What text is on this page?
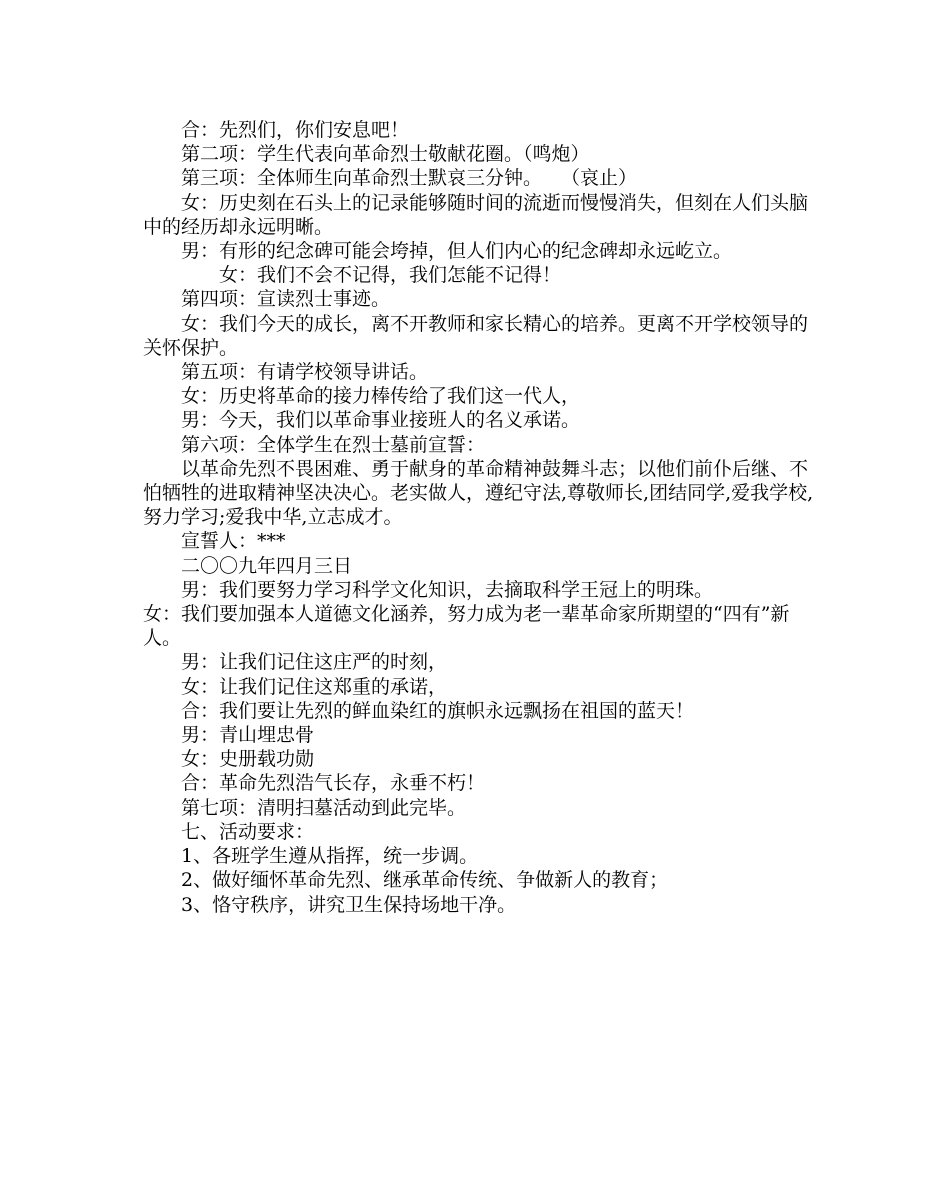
合：先烈们，你们安息吧！

第二项：学生代表向革命烈士敬献花圈。（鸣炮）

第三项：全体师生向革命烈士默哀三分钟。　　（哀止）

女：历史刻在石头上的记录能够随时间的流逝而慢慢消失，但刻在人们头脑中的经历却永远明晰。

男：有形的纪念碑可能会垮掉，但人们内心的纪念碑却永远屹立。

女：我们不会不记得，我们怎能不记得！

第四项：宣读烈士事迹。

女：我们今天的成长，离不开教师和家长精心的培养。更离不开学校领导的关怀保护。

第五项：有请学校领导讲话。

女：历史将革命的接力棒传给了我们这一代人，

男：今天，我们以革命事业接班人的名义承诺。

第六项：全体学生在烈士墓前宣誓：

以革命先烈不畏困难、勇于献身的革命精神鼓舞斗志；以他们前仆后继、不怕牺牲的进取精神坚决决心。老实做人，遵纪守法,尊敬师长,团结同学,爱我学校,努力学习;爱我中华,立志成才。

宣誓人：***

二〇〇九年四月三日

男：我们要努力学习科学文化知识，去摘取科学王冠上的明珠。

女：我们要加强本人道德文化涵养，努力成为老一辈革命家所期望的“四有”新人。

男：让我们记住这庄严的时刻，

女：让我们记住这郑重的承诺，

合：我们要让先烈的鲜血染红的旗帜永远飘扬在祖国的蓝天！

男：青山埋忠骨

女：史册载功勋

合：革命先烈浩气长存，永垂不朽！

第七项：清明扫墓活动到此完毕。

七、活动要求：

1、各班学生遵从指挥，统一步调。

2、做好缅怀革命先烈、继承革命传统、争做新人的教育；

3、恪守秩序，讲究卫生保持场地干净。
